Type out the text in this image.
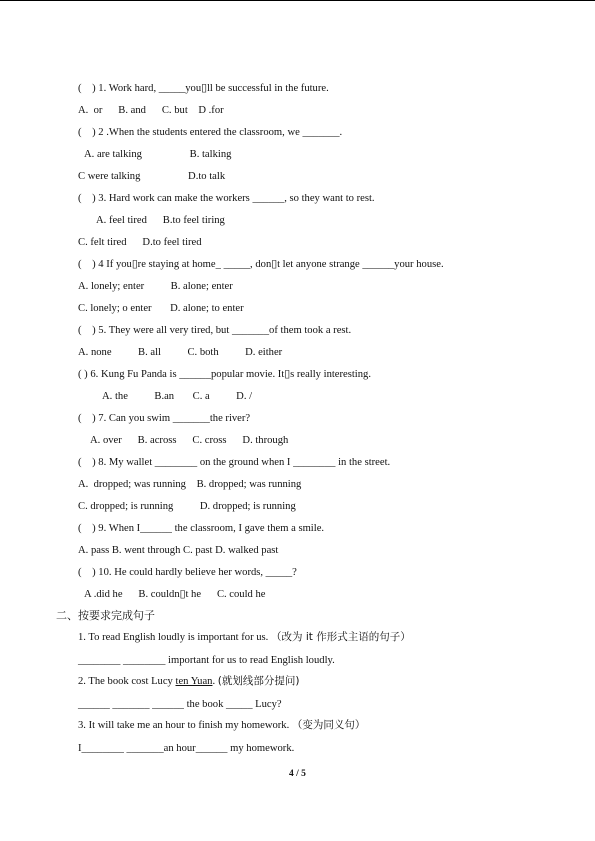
(    ) 1. Work hard, _____you▯ll be successful in the future.
A.  or      B. and      C. but    D .for
(    ) 2 .When the students entered the classroom, we _______.
A. are talking                  B. talking
C were talking                  D.to talk
(    ) 3. Hard work can make the workers ______, so they want to rest.
A. feel tired      B.to feel tiring
C. felt tired      D.to feel tired
(    ) 4 If you▯re staying at home_ _____, don▯t let anyone strange ______your house.
A. lonely; enter          B. alone; enter
C. lonely; o enter       D. alone; to enter
(    ) 5. They were all very tired, but _______of them took a rest.
A. none          B. all          C. both          D. either
( ) 6. Kung Fu Panda is ______popular movie. It▯s really interesting.
A. the          B.an       C. a          D. /
(    ) 7. Can you swim _______the river?
A. over      B. across      C. cross      D. through
(    ) 8. My wallet ________ on the ground when I ________ in the street.
A.  dropped; was running    B. dropped; was running
C. dropped; is running          D. dropped; is running
(    ) 9. When I______ the classroom, I gave them a smile.
A. pass B. went through C. past D. walked past
(    ) 10. He could hardly believe her words, _____?
A .did he      B. couldn▯t he      C. could he
二、按要求完成句子
1. To read English loudly is important for us. （改为 it 作形式主语的句子）
________ ________ important for us to read English loudly.
2. The book cost Lucy ten Yuan. (就划线部分提问)
______ _______ ______ the book _____ Lucy?
3. It will take me an hour to finish my homework. （变为同义句）
I________ _______an hour______ my homework.
4 / 5
